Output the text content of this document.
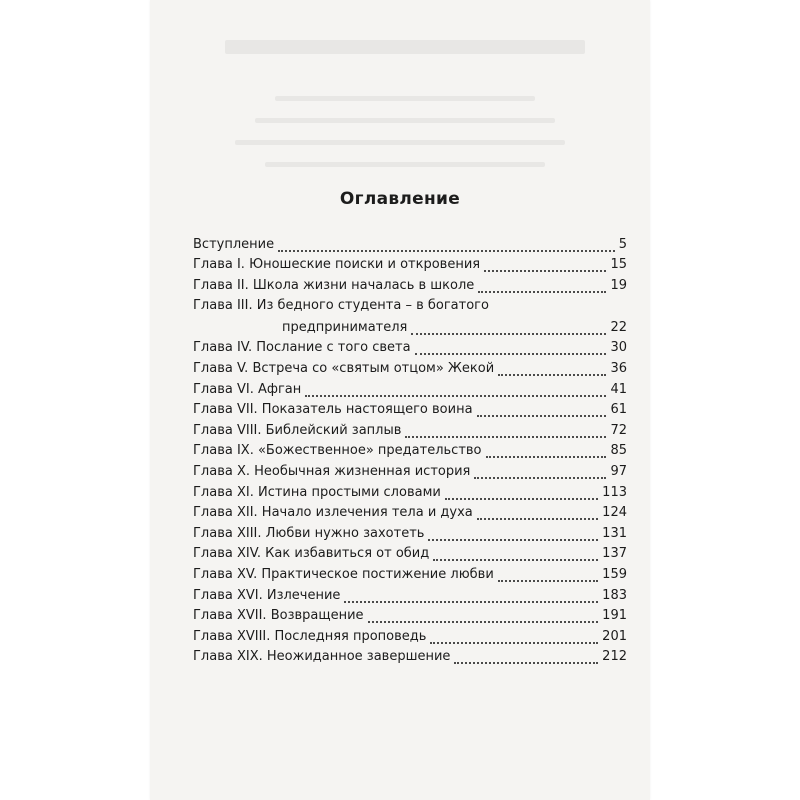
Оглавление
Вступление	5
Глава I. Юношеские поиски и откровения	15
Глава II. Школа жизни началась в школе	19
Глава III. Из бедного студента – в богатого
предпринимателя	22
Глава IV. Послание с того света	30
Глава V. Встреча со «святым отцом» Жекой	36
Глава VI. Афган	41
Глава VII. Показатель настоящего воина	61
Глава VIII. Библейский заплыв	72
Глава IX. «Божественное» предательство	85
Глава X. Необычная жизненная история	97
Глава XI. Истина простыми словами	113
Глава XII. Начало излечения тела и духа	124
Глава XIII. Любви нужно захотеть	131
Глава XIV. Как избавиться от обид	137
Глава XV. Практическое постижение любви	159
Глава XVI. Излечение	183
Глава XVII. Возвращение	191
Глава XVIII. Последняя проповедь	201
Глава XIX. Неожиданное завершение	212
